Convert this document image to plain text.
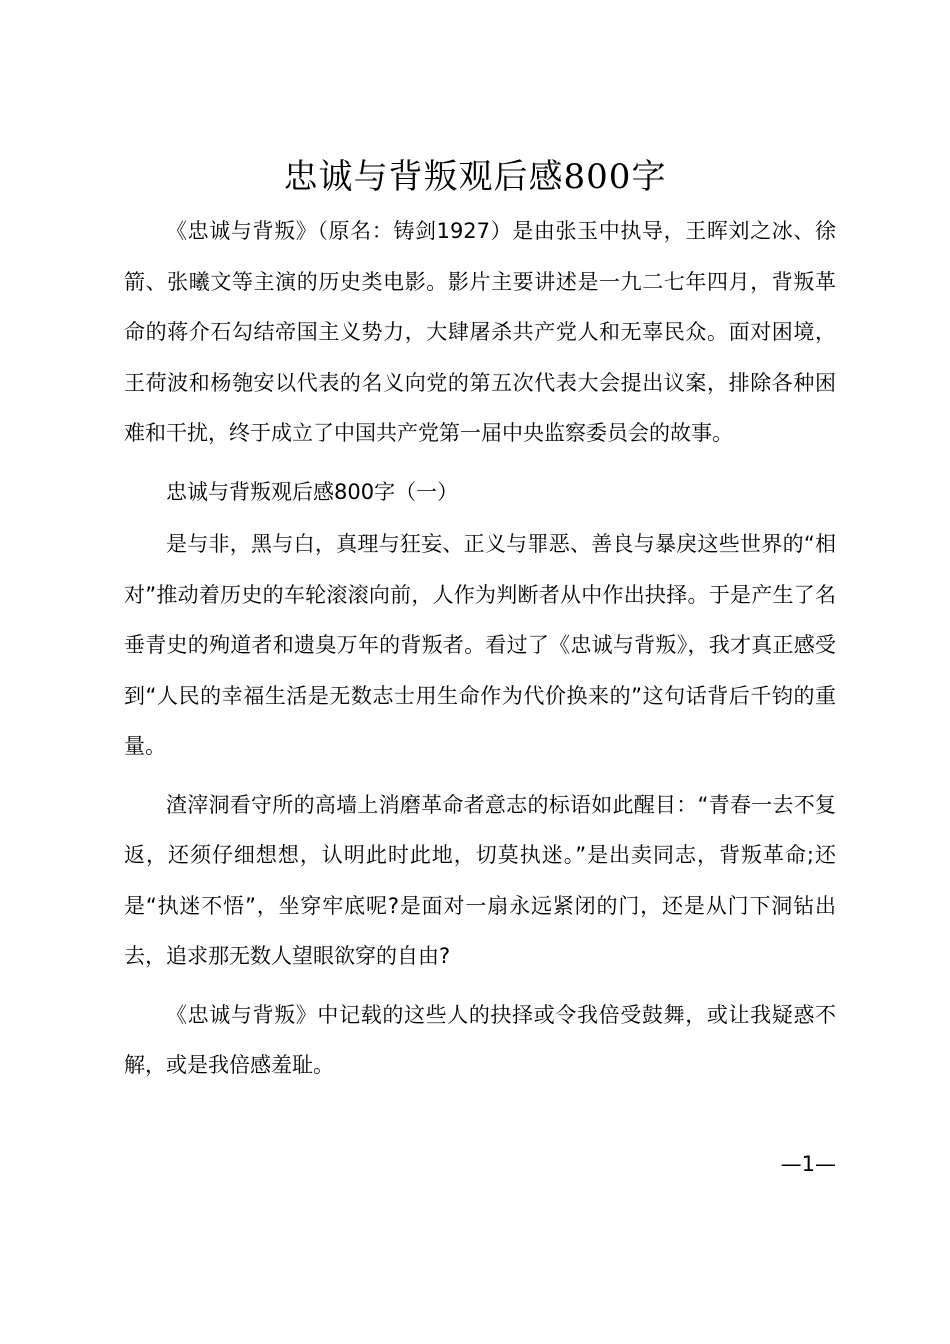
忠诚与背叛观后感800字

《忠诚与背叛》（原名：铸剑1927）是由张玉中执导，王晖刘之冰、徐箭、张曦文等主演的历史类电影。影片主要讲述是一九二七年四月，背叛革命的蒋介石勾结帝国主义势力，大肆屠杀共产党人和无辜民众。面对困境，王荷波和杨匏安以代表的名义向党的第五次代表大会提出议案，排除各种困难和干扰，终于成立了中国共产党第一届中央监察委员会的故事。

忠诚与背叛观后感800字（一）

是与非，黑与白，真理与狂妄、正义与罪恶、善良与暴戾这些世界的“相对”推动着历史的车轮滚滚向前，人作为判断者从中作出抉择。于是产生了名垂青史的殉道者和遗臭万年的背叛者。看过了《忠诚与背叛》，我才真正感受到“人民的幸福生活是无数志士用生命作为代价换来的”这句话背后千钧的重量。

渣滓洞看守所的高墙上消磨革命者意志的标语如此醒目：“青春一去不复返，还须仔细想想，认明此时此地，切莫执迷。”是出卖同志，背叛革命;还是“执迷不悟”，坐穿牢底呢?是面对一扇永远紧闭的门，还是从门下洞钻出去，追求那无数人望眼欲穿的自由?

《忠诚与背叛》中记载的这些人的抉择或令我倍受鼓舞，或让我疑惑不解，或是我倍感羞耻。

—1—
